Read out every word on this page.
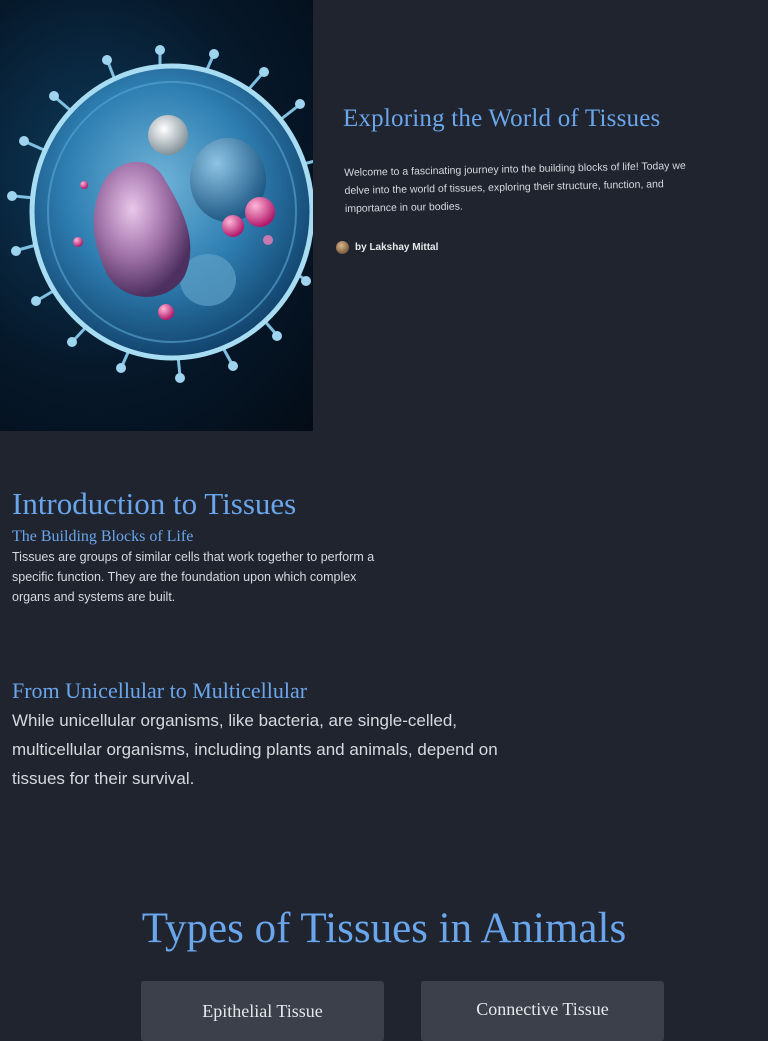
Exploring the World of Tissues

Welcome to a fascinating journey into the building blocks of life! Today we delve into the world of tissues, exploring their structure, function, and importance in our bodies.

by Lakshay Mittal
Introduction to Tissues
The Building Blocks of Life

Tissues are groups of similar cells that work together to perform a specific function. They are the foundation upon which complex organs and systems are built.

From Unicellular to Multicellular

While unicellular organisms, like bacteria, are single-celled, multicellular organisms, including plants and animals, depend on tissues for their survival.

Types of Tissues in Animals
Epithelial Tissue	Connective Tissue
